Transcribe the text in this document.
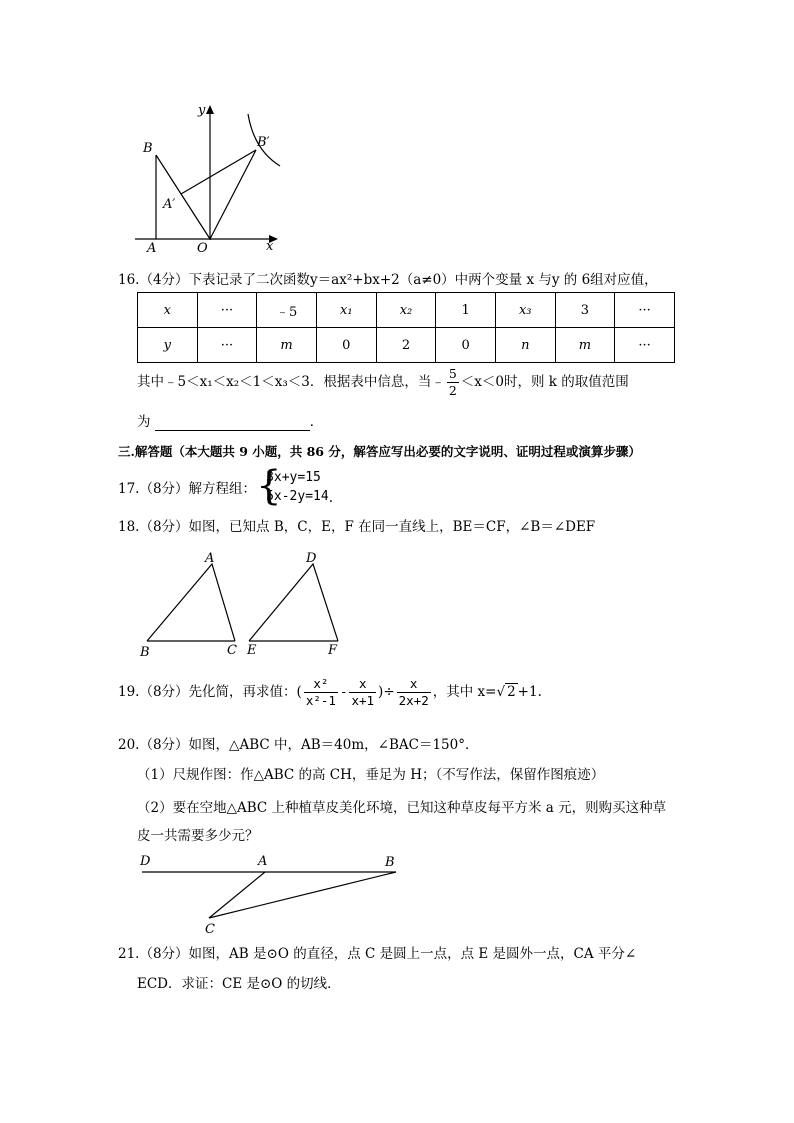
y
x
B	B′
A′
A	O
16.（4分）下表记录了二次函数y＝ax²+bx+2（a≠0）中两个变量 x 与y 的 6组对应值，
x	···	﹣5	x₁	x₂	1	x₃	3	···
y	···	m	0	2	0	n	m	···
其中﹣5＜x₁＜x₂＜1＜x₃＜3．根据表中信息，当﹣ $\frac{5}{2} <x<0$时，则 k 的取值范围
为	．
三.解答题（本大题共 9 小题，共 86 分，解答应写出必要的文字说明、证明过程或演算步骤）
17.（8分）解方程组： {
3x+y=15
5x-2y=14 .
18.（8分）如图，已知点 B，C，E，F 在同一直线上，BE＝CF，∠B＝∠DEF
A	D
B	C E	F
19.（8分）先化简，再求值：( $\frac{\text{x²}}{\text{x²-1}} - \frac{x}{x+1}$ )÷ $\frac{x}{2x+2}$ ，其中 x=√ 2 +1.
20.（8分）如图，△ABC 中，AB＝40m，∠BAC＝150°．
（1）尺规作图：作△ABC 的高 CH，垂足为 H；（不写作法，保留作图痕迹）
（2）要在空地△ABC 上种植草皮美化环境，已知这种草皮每平方米 a 元，则购买这种草
皮一共需要多少元？
D	A	B
C
21.（8分）如图，AB 是⊙O 的直径，点 C 是圆上一点，点 E 是圆外一点，CA 平分∠
ECD．求证：CE 是⊙O 的切线．
